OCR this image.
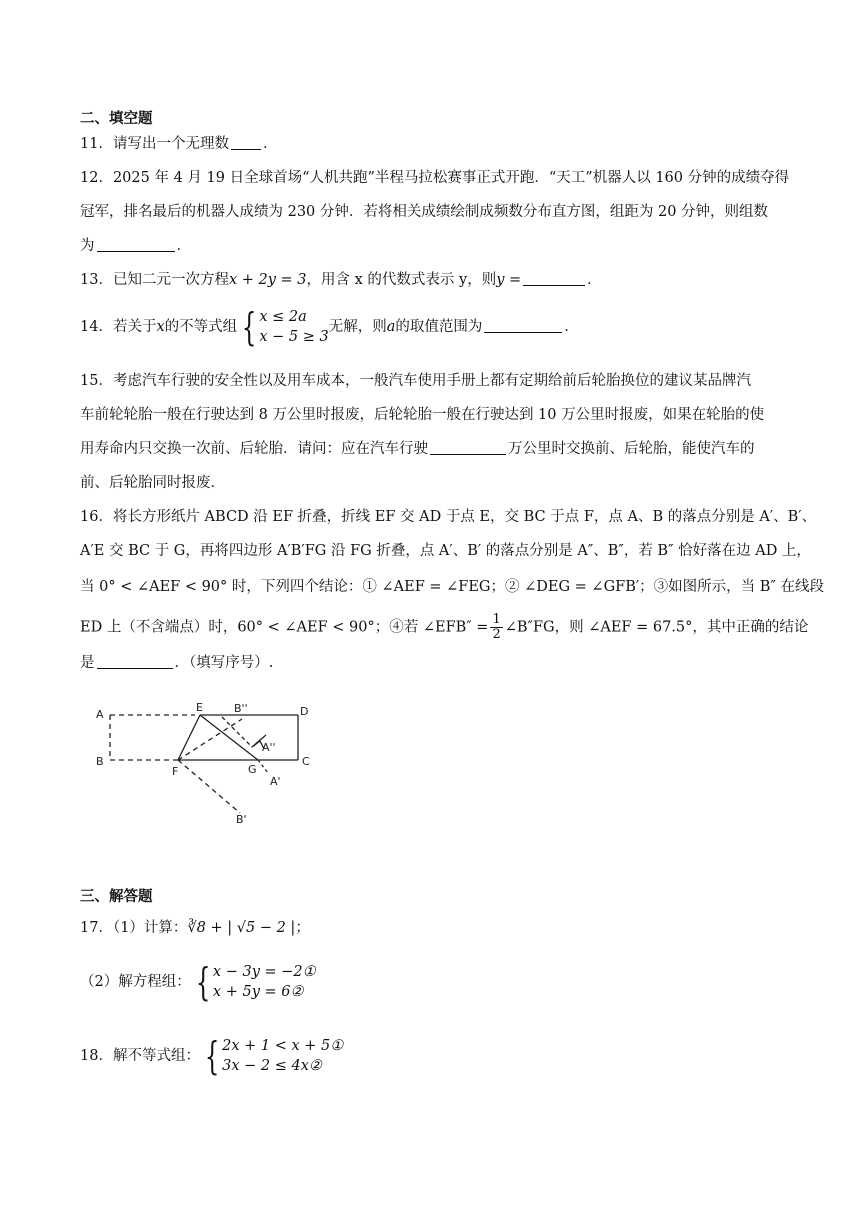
二、填空题
11．请写出一个无理数 ．
12．2025 年 4 月 19 日全球首场“人机共跑”半程马拉松赛事正式开跑．“天工”机器人以 160 分钟的成绩夺得
冠军，排名最后的机器人成绩为 230 分钟．若将相关成绩绘制成频数分布直方图，组距为 20 分钟，则组数
为	．
13．已知二元一次方程x + 2y = 3，用含 x 的代数式表示 y，则y =	．
14．若关于x的不等式组 { x ≤ 2a
x − 5 ≥ 3
无解，则a的取值范围为	．
15．考虑汽车行驶的安全性以及用车成本，一般汽车使用手册上都有定期给前后轮胎换位的建议某品牌汽
车前轮轮胎一般在行驶达到 8 万公里时报废，后轮轮胎一般在行驶达到 10 万公里时报废，如果在轮胎的使
用寿命内只交换一次前、后轮胎．请问：应在汽车行驶	万公里时交换前、后轮胎，能使汽车的
前、后轮胎同时报废．
16．将长方形纸片 ABCD 沿 EF 折叠，折线 EF 交 AD 于点 E，交 BC 于点 F，点 A、B 的落点分别是 A′、B′、
A′E 交 BC 于 G，再将四边形 A′B′FG 沿 FG 折叠，点 A′、B′ 的落点分别是 A″、B″，若 B″ 恰好落在边 AD 上，
当 0° < ∠AEF < 90° 时，下列四个结论：① ∠AEF = ∠FEG；② ∠DEG = ∠GFB′；③如图所示，当 B″ 在线段
ED 上（不含端点）时，60° < ∠AEF < 90°；④若 ∠EFB″ = $\frac{1}{2}$ ∠B″FG，则 ∠AEF = 67.5°，其中正确的结论
是	．（填写序号）.
A
B	C
D
E
F	G
B''
A''
A'
B'
三、解答题
17．（1）计算：∛8 + | √5 − 2 |；
（2）解方程组： { x − 3y = −2①
x + 5y = 6②
18．解不等式组： { 2x + 1 < x + 5①
3x − 2 ≤ 4x②
